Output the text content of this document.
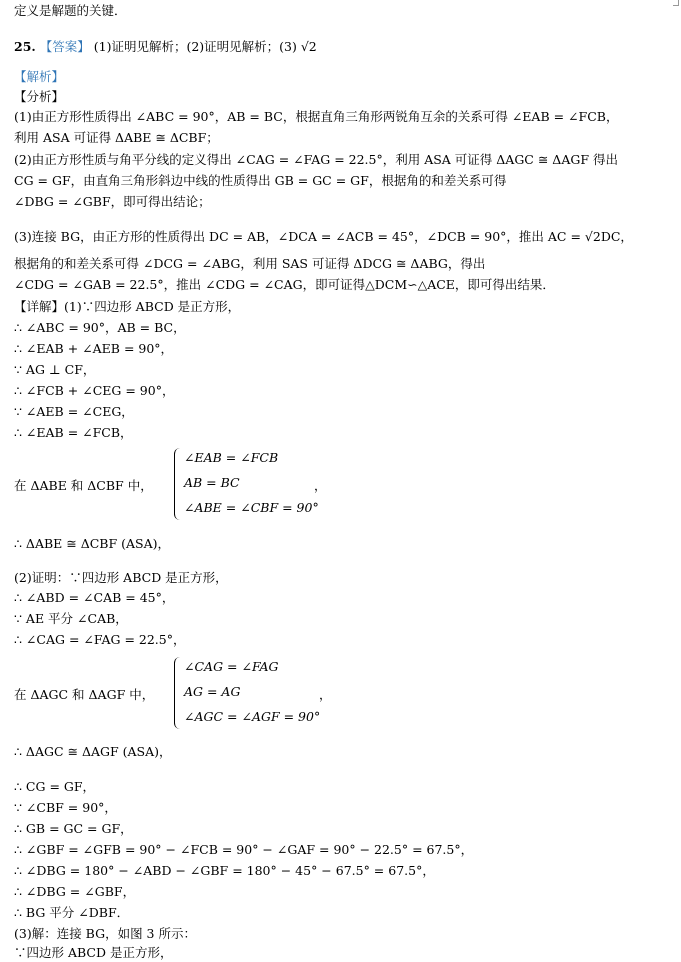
定义是解题的关键．
25. 【答案】 (1)证明见解析；(2)证明见解析；(3) √2
【解析】
【分析】
(1)由正方形性质得出 ∠ABC = 90°，AB = BC，根据直角三角形两锐角互余的关系可得 ∠EAB = ∠FCB，
利用 ASA 可证得 ΔABE ≅ ΔCBF；
(2)由正方形性质与角平分线的定义得出 ∠CAG = ∠FAG = 22.5°，利用 ASA 可证得 ΔAGC ≅ ΔAGF 得出
CG = GF，由直角三角形斜边中线的性质得出 GB = GC = GF，根据角的和差关系可得
∠DBG = ∠GBF，即可得出结论；
(3)连接 BG，由正方形的性质得出 DC = AB，∠DCA = ∠ACB = 45°，∠DCB = 90°，推出 AC = √2DC，
根据角的和差关系可得 ∠DCG = ∠ABG，利用 SAS 可证得 ΔDCG ≅ ΔABG，得出
∠CDG = ∠GAB = 22.5°，推出 ∠CDG = ∠CAG，即可证得△DCM∽△ACE，即可得出结果．
【详解】(1)∵四边形 ABCD 是正方形，
∴ ∠ABC = 90°，AB = BC，
∴ ∠EAB + ∠AEB = 90°，
∵ AG ⊥ CF，
∴ ∠FCB + ∠CEG = 90°，
∵ ∠AEB = ∠CEG，
∴ ∠EAB = ∠FCB，
在 ΔABE 和 ΔCBF 中，
∠EAB = ∠FCB
AB = BC
∠ABE = ∠CBF = 90°
，
∴ ΔABE ≅ ΔCBF (ASA)，
(2)证明：∵四边形 ABCD 是正方形，
∴ ∠ABD = ∠CAB = 45°，
∵ AE 平分 ∠CAB，
∴ ∠CAG = ∠FAG = 22.5°，
在 ΔAGC 和 ΔAGF 中，
∠CAG = ∠FAG
AG = AG
∠AGC = ∠AGF = 90°
，
∴ ΔAGC ≅ ΔAGF (ASA)，
∴ CG = GF，
∵ ∠CBF = 90°，
∴ GB = GC = GF，
∴ ∠GBF = ∠GFB = 90° − ∠FCB = 90° − ∠GAF = 90° − 22.5° = 67.5°，
∴ ∠DBG = 180° − ∠ABD − ∠GBF = 180° − 45° − 67.5° = 67.5°，
∴ ∠DBG = ∠GBF，
∴ BG 平分 ∠DBF．
(3)解：连接 BG，如图 3 所示：
∵四边形 ABCD 是正方形，
